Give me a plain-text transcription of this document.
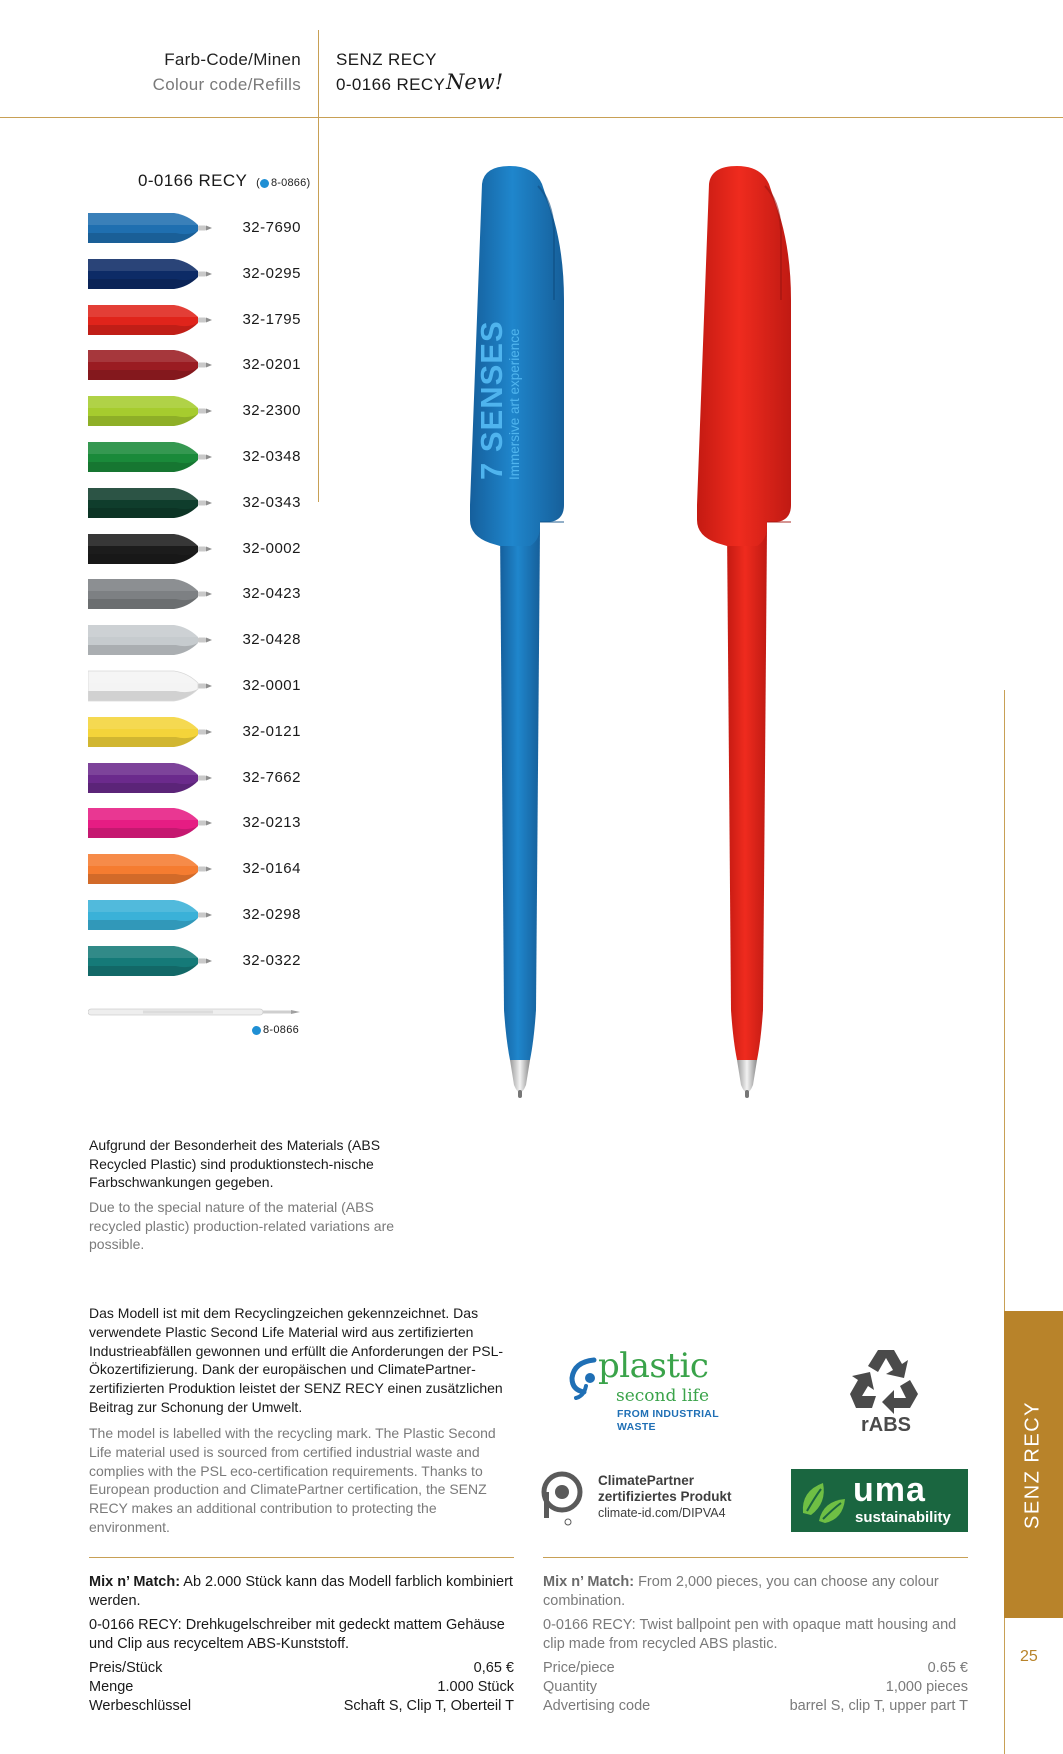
Farb-Code/Minen
Colour code/Refills
SENZ RECY
0-0166 RECY New!
0-0166 RECY ( 8-0866)
32-7690
32-0295
32-1795
32-0201
32-2300
32-0348
32-0343
32-0002
32-0423
32-0428
32-0001
32-0121
32-7662
32-0213
32-0164
32-0298
32-0322
8-0866
7 SENSES
Immersive art experience
Aufgrund der Besonderheit des Materials (ABS Recycled Plastic) sind produktionstech-nische Farbschwankungen gegeben.
Due to the special nature of the material (ABS recycled plastic) production-related variations are possible.
Das Modell ist mit dem Recyclingzeichen gekennzeichnet. Das verwendete Plastic Second Life Material wird aus zertifizierten Industrieabfällen gewonnen und erfüllt die Anforderungen der PSL-Ökozertifizierung. Dank der europäischen und ClimatePartner-zertifizierten Produktion leistet der SENZ RECY einen zusätzlichen Beitrag zur Schonung der Umwelt.
The model is labelled with the recycling mark. The Plastic Second Life material used is sourced from certified industrial waste and complies with the PSL eco-certification requirements. Thanks to European production and ClimatePartner certification, the SENZ RECY makes an additional contribution to protecting the environment.
plastic
second life
FROM INDUSTRIAL
WASTE	rABS
ClimatePartner
zertifiziertes Produkt
climate-id.com/DIPVA4
uma
sustainability	SENZ RECY
25

Mix n’ Match: Ab 2.000 Stück kann das Modell farblich kombiniert werden.

0-0166 RECY: Drehkugelschreiber mit gedeckt mattem Gehäuse und Clip aus recyceltem ABS-Kunststoff.

Preis/Stück	0,65 €
Menge	1.000 Stück
Werbeschlüssel	Schaft S, Clip T, Oberteil T

Mix n’ Match: From 2,000 pieces, you can choose any colour combination.

0-0166 RECY: Twist ballpoint pen with opaque matt housing and clip made from recycled ABS plastic.

Price/piece	0.65 €
Quantity	1,000 pieces
Advertising code	barrel S, clip T, upper part T
